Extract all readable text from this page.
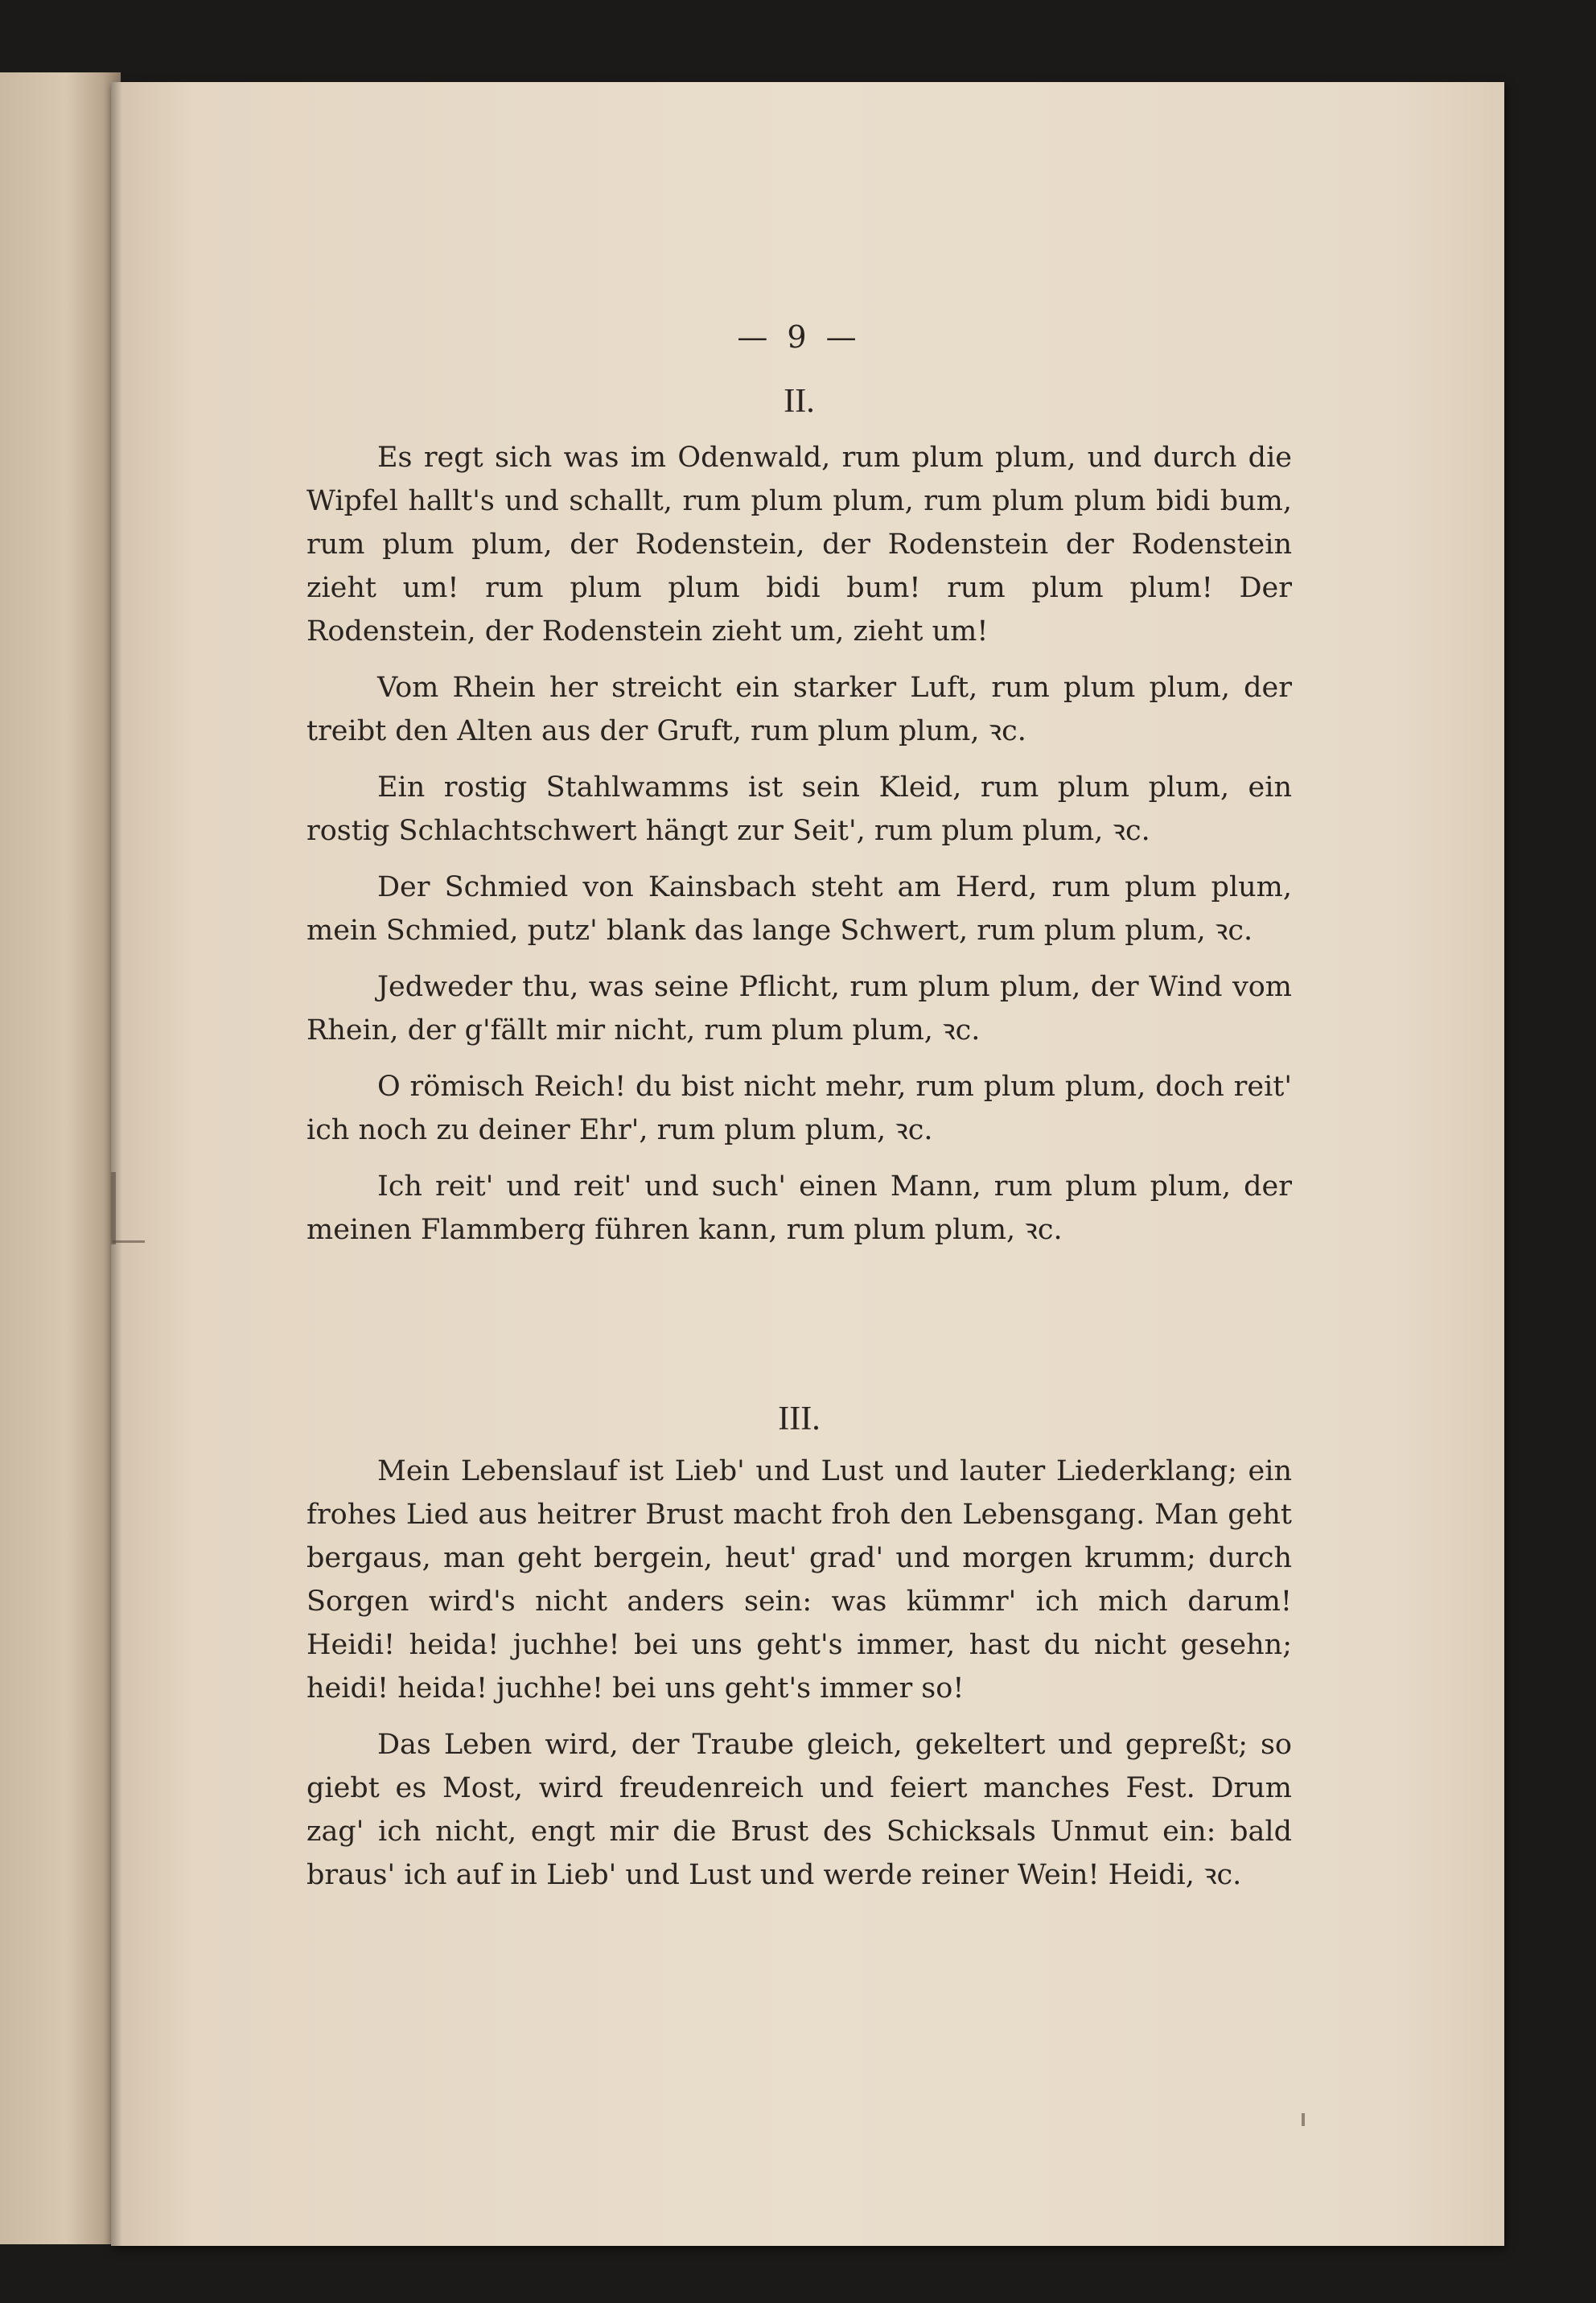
— 9 —
II.

Es regt sich was im Odenwald, rum plum plum, und durch die Wipfel hallt's und schallt, rum plum plum, rum plum plum bidi bum, rum plum plum, der Rodenstein, der Rodenstein der Rodenstein zieht um! rum plum plum bidi bum! rum plum plum! Der Rodenstein, der Rodenstein zieht um, zieht um!

Vom Rhein her streicht ein starker Luft, rum plum plum, der treibt den Alten aus der Gruft, rum plum plum, ꝛc.

Ein rostig Stahlwamms ist sein Kleid, rum plum plum, ein rostig Schlachtschwert hängt zur Seit', rum plum plum, ꝛc.

Der Schmied von Kainsbach steht am Herd, rum plum plum, mein Schmied, putz' blank das lange Schwert, rum plum plum, ꝛc.

Jedweder thu, was seine Pflicht, rum plum plum, der Wind vom Rhein, der g'fällt mir nicht, rum plum plum, ꝛc.

O römisch Reich! du bist nicht mehr, rum plum plum, doch reit' ich noch zu deiner Ehr', rum plum plum, ꝛc.

Ich reit' und reit' und such' einen Mann, rum plum plum, der meinen Flammberg führen kann, rum plum plum, ꝛc.

III.

Mein Lebenslauf ist Lieb' und Lust und lauter Liederklang; ein frohes Lied aus heitrer Brust macht froh den Lebensgang. Man geht bergaus, man geht bergein, heut' grad' und morgen krumm; durch Sorgen wird's nicht anders sein: was kümmr' ich mich darum! Heidi! heida! juchhe! bei uns geht's immer, hast du nicht gesehn; heidi! heida! juchhe! bei uns geht's immer so!

Das Leben wird, der Traube gleich, gekeltert und gepreßt; so giebt es Most, wird freudenreich und feiert manches Fest. Drum zag' ich nicht, engt mir die Brust des Schicksals Unmut ein: bald braus' ich auf in Lieb' und Lust und werde reiner Wein! Heidi, ꝛc.
